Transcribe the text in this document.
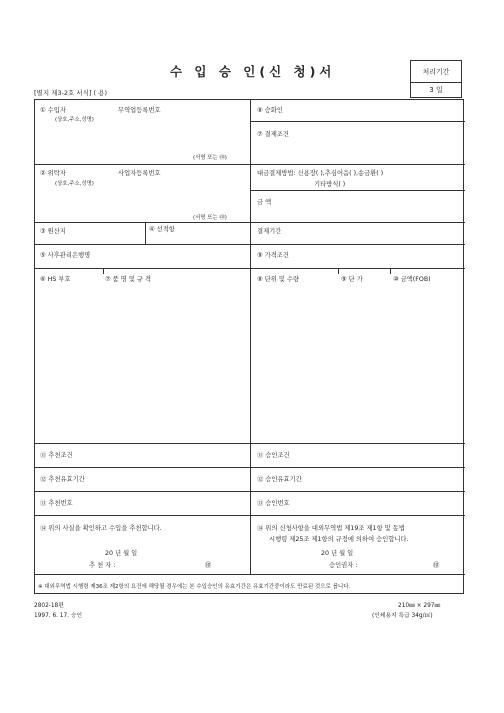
수 입 승 인(신 청)서	처리기간
3 일
[별지 제3-2호 서식] ( 용)
① 수입자	무역업등록번호
(상호,주소,성명)
(서명 또는 ㊞)
② 위탁자	사업자등록번호
(상호,주소,성명)
(서명 또는 ㊞)
③ 원산지	④ 선적항
⑤ 사후관리은행명
⑧ 승화인
⑦ 결제조건
대금결제방법: 신용장( ),추심어음( ),송금환( )
기타방식( )
금 액
결제기간
⑨ 가격조건
⑥ HS 부호	⑦ 품 명 및 규 격	⑧ 단위 및 수량	⑨ 단 가	⑩ 금액(FOB)
⑪ 추천조건	⑪ 승인조건
⑫ 추천유효기간	⑫ 승인유효기간
⑬ 추천번호	⑬ 승인번호
⑭ 위의 사실을 확인하고 수입을 추천합니다.
20 년 월 일
추 천 자 :	㊞
⑭ 위의 신청사항을 대외무역법 제19조 제1항 및 동법
시행령 제25조 제1항의 규정에 의하여 승인합니다.
20 년 월 일
승인권자 :	㊞
※ 대외무역법 시행령 제36조 제2항의 요건에 해당될 경우에는 본 수입승인의 유효기간은 유효기간중이라도 만료된 것으로 봅니다.
2802-18편
1997. 6. 17. 승인
210㎜ × 297㎜
(인쇄용지 특급 34g/㎡)
